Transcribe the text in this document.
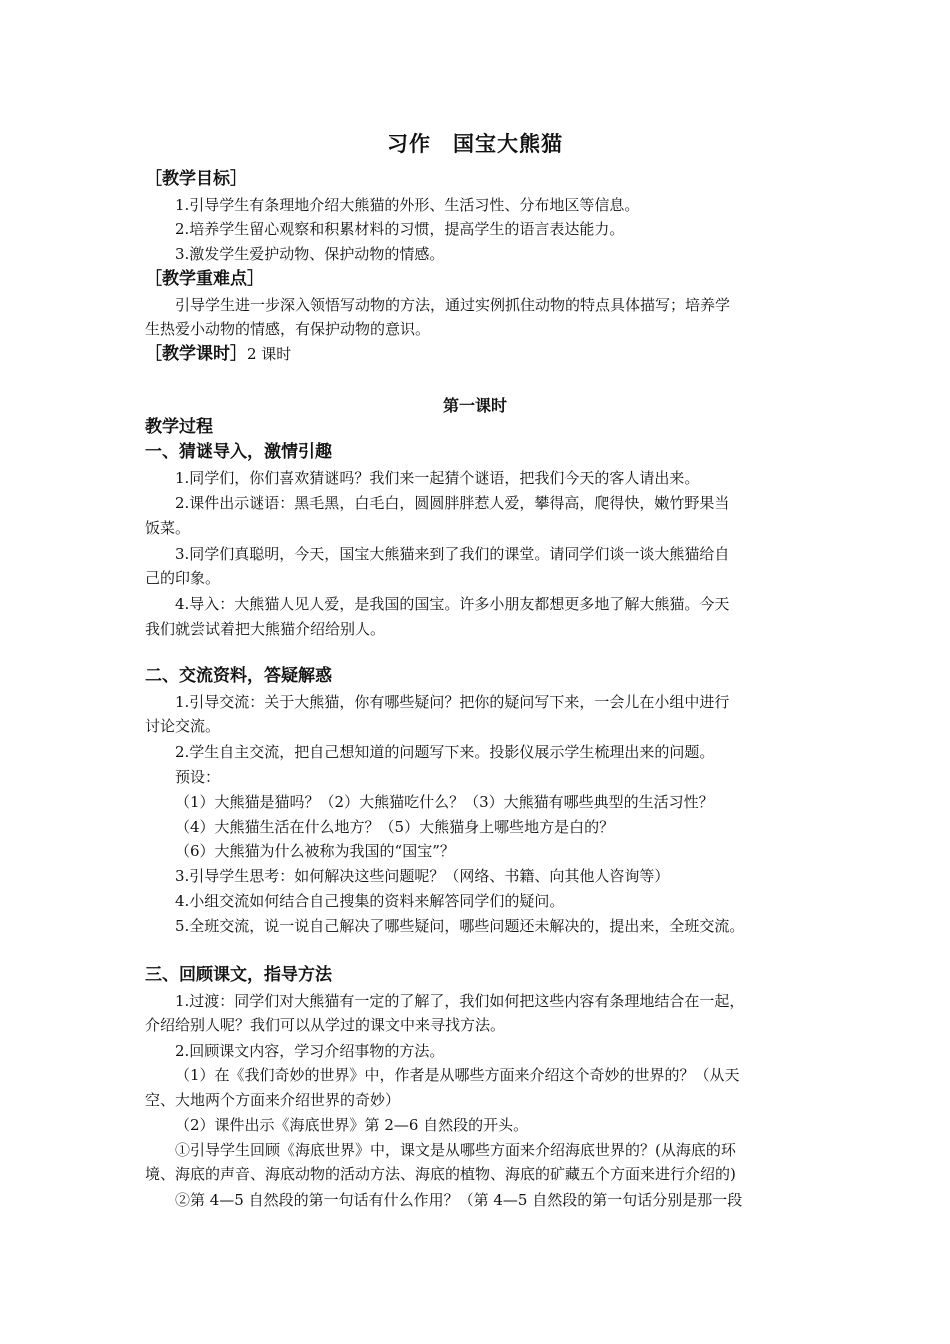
习作　国宝大熊猫
［教学目标］
1.引导学生有条理地介绍大熊猫的外形、生活习性、分布地区等信息。
2.培养学生留心观察和积累材料的习惯，提高学生的语言表达能力。
3.激发学生爱护动物、保护动物的情感。
［教学重难点］
引导学生进一步深入领悟写动物的方法，通过实例抓住动物的特点具体描写；培养学
生热爱小动物的情感，有保护动物的意识。
［教学课时］2 课时
第一课时
教学过程
一、猜谜导入，激情引趣
1.同学们，你们喜欢猜谜吗？我们来一起猜个谜语，把我们今天的客人请出来。
2.课件出示谜语：黑毛黑，白毛白，圆圆胖胖惹人爱，攀得高，爬得快，嫩竹野果当
饭菜。
3.同学们真聪明，今天，国宝大熊猫来到了我们的课堂。请同学们谈一谈大熊猫给自
己的印象。
4.导入：大熊猫人见人爱，是我国的国宝。许多小朋友都想更多地了解大熊猫。今天
我们就尝试着把大熊猫介绍给别人。
二、交流资料，答疑解惑
1.引导交流：关于大熊猫，你有哪些疑问？把你的疑问写下来，一会儿在小组中进行
讨论交流。
2.学生自主交流，把自己想知道的问题写下来。投影仪展示学生梳理出来的问题。
预设：
（1）大熊猫是猫吗？（2）大熊猫吃什么？（3）大熊猫有哪些典型的生活习性？
（4）大熊猫生活在什么地方？（5）大熊猫身上哪些地方是白的？
（6）大熊猫为什么被称为我国的“国宝”？
3.引导学生思考：如何解决这些问题呢？（网络、书籍、向其他人咨询等）
4.小组交流如何结合自己搜集的资料来解答同学们的疑问。
5.全班交流，说一说自己解决了哪些疑问，哪些问题还未解决的，提出来，全班交流。
三、回顾课文，指导方法
1.过渡：同学们对大熊猫有一定的了解了，我们如何把这些内容有条理地结合在一起，
介绍给别人呢？我们可以从学过的课文中来寻找方法。
2.回顾课文内容，学习介绍事物的方法。
（1）在《我们奇妙的世界》中，作者是从哪些方面来介绍这个奇妙的世界的？（从天
空、大地两个方面来介绍世界的奇妙）
（2）课件出示《海底世界》第 2—6 自然段的开头。
①引导学生回顾《海底世界》中，课文是从哪些方面来介绍海底世界的？(从海底的环
境、海底的声音、海底动物的活动方法、海底的植物、海底的矿藏五个方面来进行介绍的)
②第 4—5 自然段的第一句话有什么作用？（第 4—5 自然段的第一句话分别是那一段
